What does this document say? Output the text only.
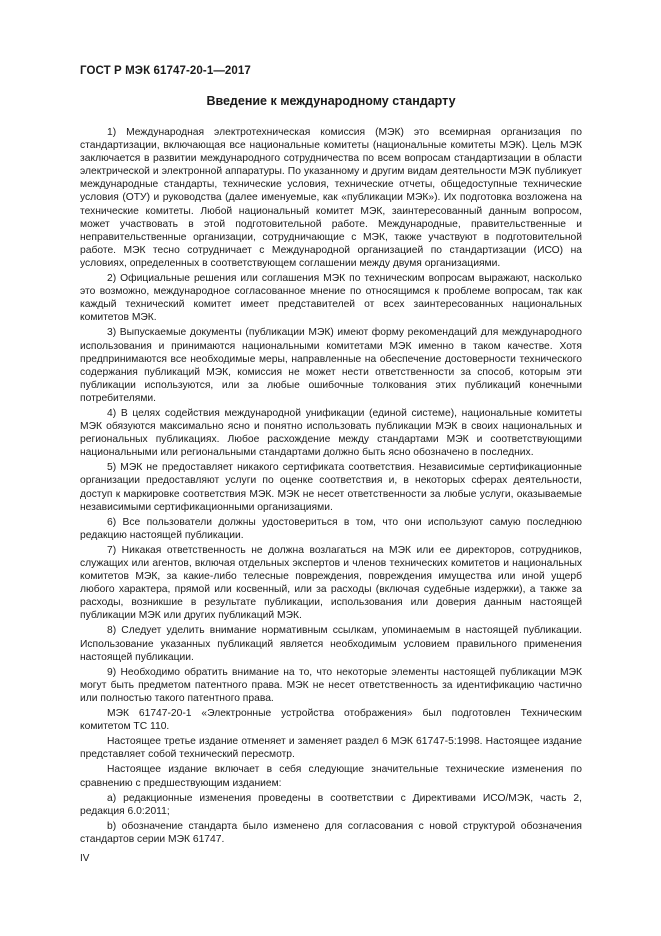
ГОСТ Р МЭК 61747-20-1—2017
Введение к международному стандарту

1) Международная электротехническая комиссия (МЭК) это всемирная организация по стандартизации, включающая все национальные комитеты (национальные комитеты МЭК). Цель МЭК заключается в развитии международного сотрудничества по всем вопросам стандартизации в области электрической и электронной аппаратуры. По указанному и другим видам деятельности МЭК публикует международные стандарты, технические условия, технические отчеты, общедоступные технические условия (ОТУ) и руководства (далее именуемые, как «публикации МЭК»). Их подготовка возложена на технические комитеты. Любой национальный комитет МЭК, заинтересованный данным вопросом, может участвовать в этой подготовительной работе. Международные, правительственные и неправительственные организации, сотрудничающие с МЭК, также участвуют в подготовительной работе. МЭК тесно сотрудничает с Международной организацией по стандартизации (ИСО) на условиях, определенных в соответствующем соглашении между двумя организациями.

2) Официальные решения или соглашения МЭК по техническим вопросам выражают, насколько это возможно, международное согласованное мнение по относящимся к проблеме вопросам, так как каждый технический комитет имеет представителей от всех заинтересованных национальных комитетов МЭК.

3) Выпускаемые документы (публикации МЭК) имеют форму рекомендаций для международного использования и принимаются национальными комитетами МЭК именно в таком качестве. Хотя предпринимаются все необходимые меры, направленные на обеспечение достоверности технического содержания публикаций МЭК, комиссия не может нести ответственности за способ, которым эти публикации используются, или за любые ошибочные толкования этих публикаций конечными потребителями.

4) В целях содействия международной унификации (единой системе), национальные комитеты МЭК обязуются максимально ясно и понятно использовать публикации МЭК в своих национальных и региональных публикациях. Любое расхождение между стандартами МЭК и соответствующими национальными или региональными стандартами должно быть ясно обозначено в последних.

5) МЭК не предоставляет никакого сертификата соответствия. Независимые сертификационные организации предоставляют услуги по оценке соответствия и, в некоторых сферах деятельности, доступ к маркировке соответствия МЭК. МЭК не несет ответственности за любые услуги, оказываемые независимыми сертификационными организациями.

6) Все пользователи должны удостовериться в том, что они используют самую последнюю редакцию настоящей публикации.

7) Никакая ответственность не должна возлагаться на МЭК или ее директоров, сотрудников, служащих или агентов, включая отдельных экспертов и членов технических комитетов и национальных комитетов МЭК, за какие-либо телесные повреждения, повреждения имущества или иной ущерб любого характера, прямой или косвенный, или за расходы (включая судебные издержки), а также за расходы, возникшие в результате публикации, использования или доверия данным настоящей публикации МЭК или других публикаций МЭК.

8) Следует уделить внимание нормативным ссылкам, упоминаемым в настоящей публикации. Использование указанных публикаций является необходимым условием правильного применения настоящей публикации.

9) Необходимо обратить внимание на то, что некоторые элементы настоящей публикации МЭК могут быть предметом патентного права. МЭК не несет ответственность за идентификацию частично или полностью такого патентного права.

МЭК 61747-20-1 «Электронные устройства отображения» был подготовлен Техническим комитетом ТС 110.

Настоящее третье издание отменяет и заменяет раздел 6 МЭК 61747-5:1998. Настоящее издание представляет собой технический пересмотр.

Настоящее издание включает в себя следующие значительные технические изменения по сравнению с предшествующим изданием:

a) редакционные изменения проведены в соответствии с Директивами ИСО/МЭК, часть 2, редакция 6.0:2011;

b) обозначение стандарта было изменено для согласования с новой структурой обозначения стандартов серии МЭК 61747.

IV
